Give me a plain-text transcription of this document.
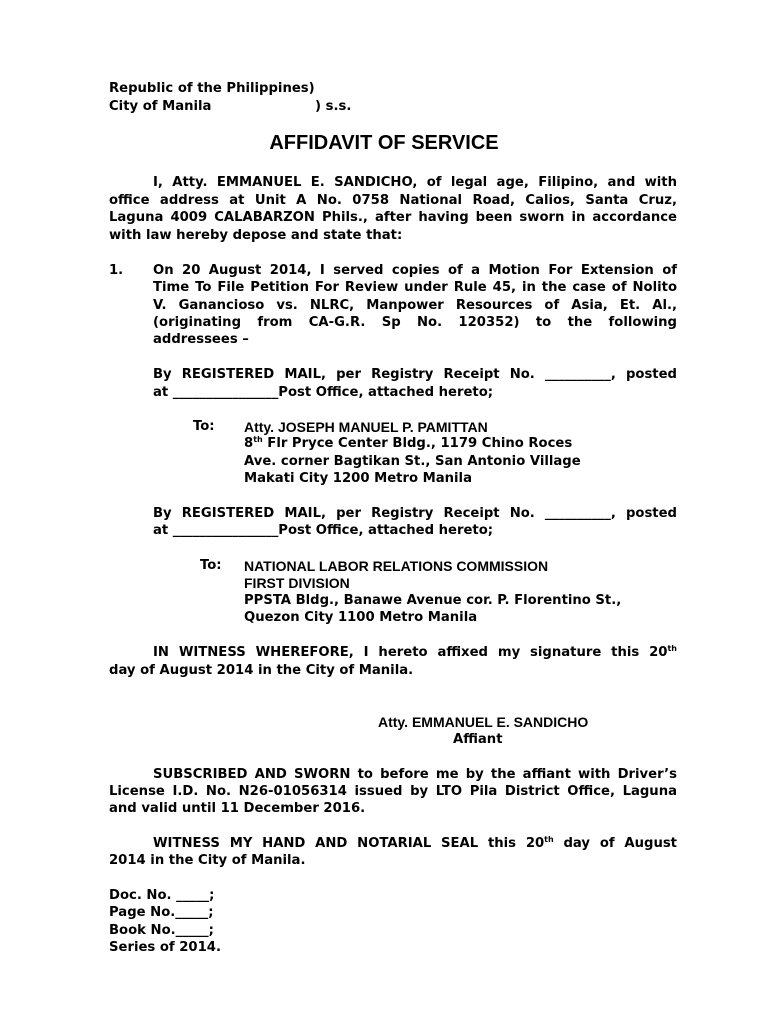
Republic of the Philippines)
City of Manila	) s.s.
AFFIDAVIT OF SERVICE
I, Atty. EMMANUEL E. SANDICHO, of legal age, Filipino, and with
office address at Unit A No. 0758 National Road, Calios, Santa Cruz,
Laguna 4009 CALABARZON Phils., after having been sworn in accordance
with law hereby depose and state that:
1. On 20 August 2014, I served copies of a Motion For Extension of
Time To File Petition For Review under Rule 45, in the case of Nolito
V. Ganancioso vs. NLRC, Manpower Resources of Asia, Et. Al.,
(originating from CA-G.R. Sp No. 120352) to the following
addressees –
By REGISTERED MAIL, per Registry Receipt No. __________, posted
at ________________Post Office, attached hereto;
To: Atty. JOSEPH MANUEL P. PAMITTAN
8th Flr Pryce Center Bldg., 1179 Chino Roces
Ave. corner Bagtikan St., San Antonio Village
Makati City 1200 Metro Manila
By REGISTERED MAIL, per Registry Receipt No. __________, posted
at ________________Post Office, attached hereto;
To: NATIONAL LABOR RELATIONS COMMISSION
FIRST DIVISION
PPSTA Bldg., Banawe Avenue cor. P. Florentino St.,
Quezon City 1100 Metro Manila
IN WITNESS WHEREFORE, I hereto affixed my signature this 20th
day of August 2014 in the City of Manila.
Atty. EMMANUEL E. SANDICHO
Affiant
SUBSCRIBED AND SWORN to before me by the affiant with Driver’s
License I.D. No. N26-01056314 issued by LTO Pila District Office, Laguna
and valid until 11 December 2016.
WITNESS MY HAND AND NOTARIAL SEAL this 20th day of August
2014 in the City of Manila.
Doc. No. _____;
Page No._____;
Book No._____;
Series of 2014.
